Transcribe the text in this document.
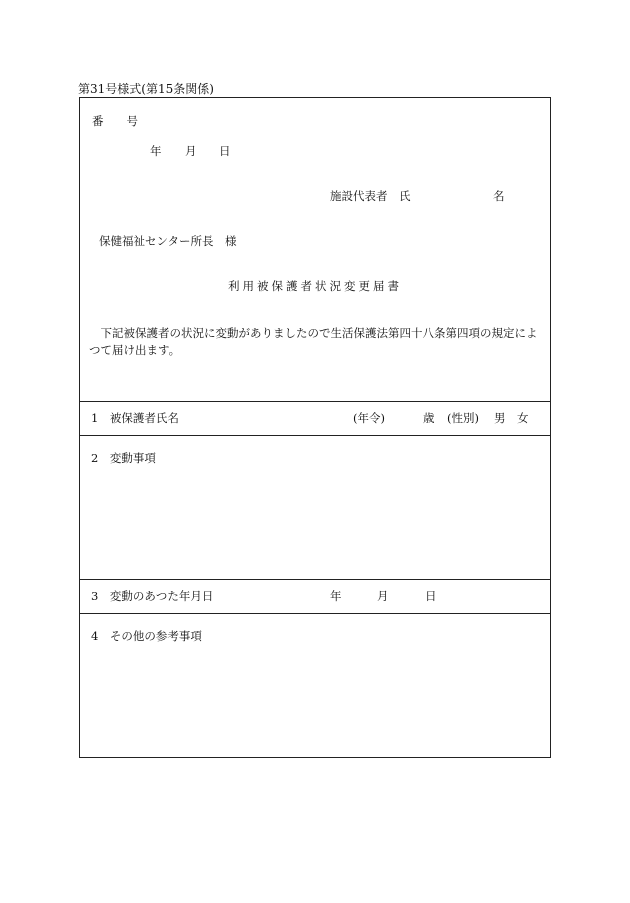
第31号様式(第15条関係)
番　　号
年 月 日
施設代表者　氏	名
保健福祉センター所長　様
利用被保護者状況変更届書
　下記被保護者の状況に変動がありましたので生活保護法第四十八条第四項の規定によつて届け出ます。
1　被保護者氏名	(年令)	歳 (性別) 男 女
2　変動事項
3　変動のあつた年月日	年	月	日
4　その他の参考事項
